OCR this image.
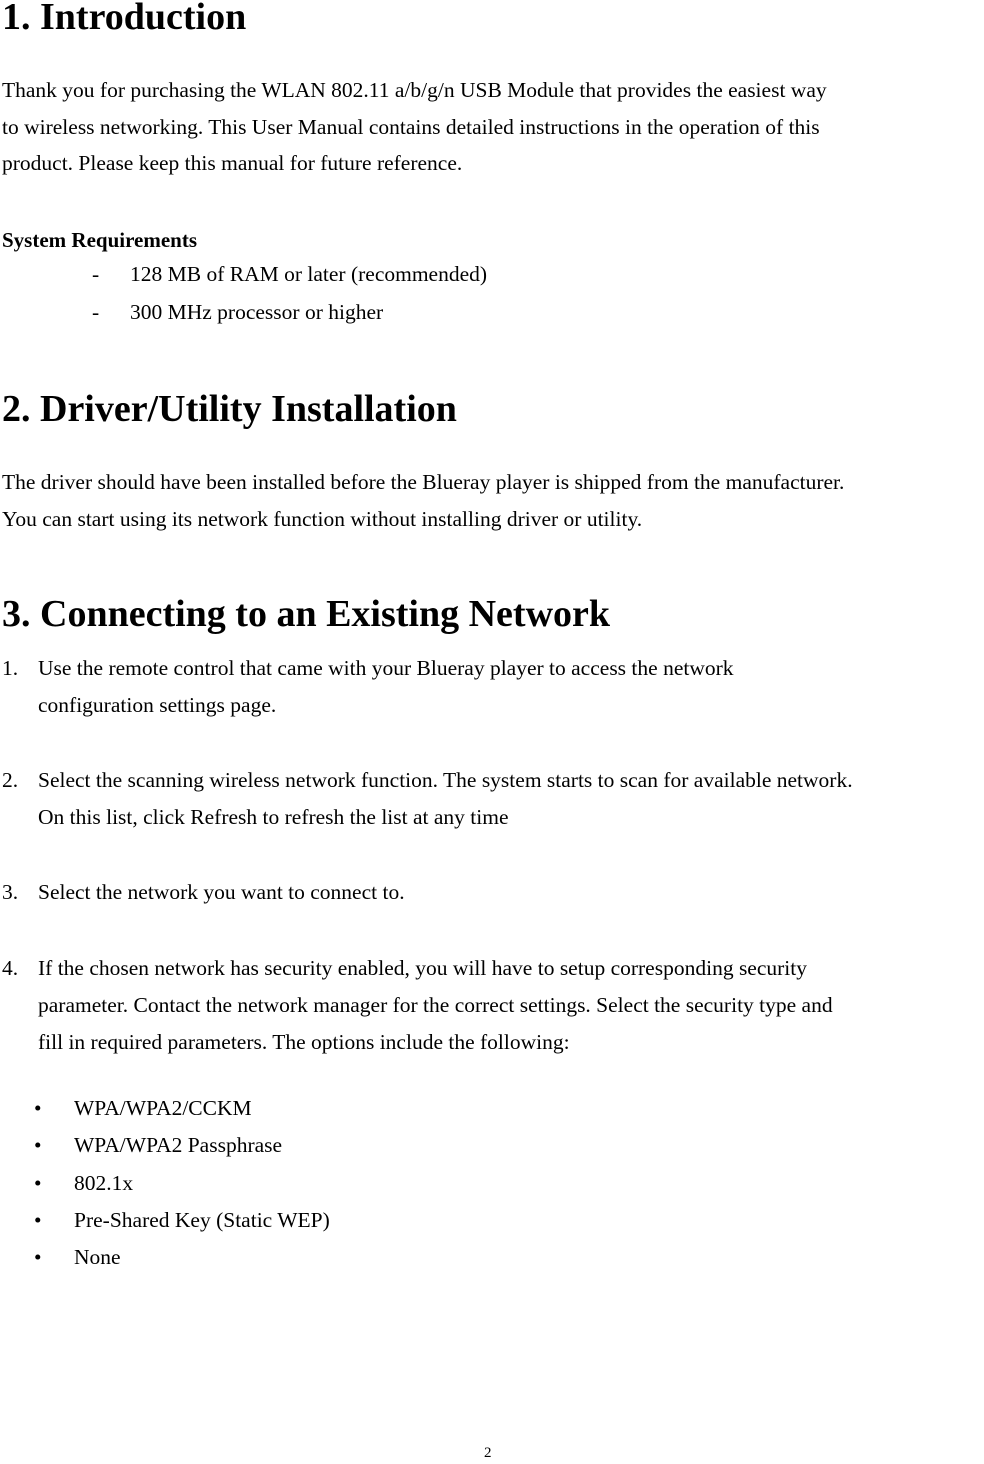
1. Introduction
Thank you for purchasing the WLAN 802.11 a/b/g/n USB Module that provides the easiest way
to wireless networking. This User Manual contains detailed instructions in the operation of this
product. Please keep this manual for future reference.
System Requirements
- 128 MB of RAM or later (recommended)
- 300 MHz processor or higher
2. Driver/Utility Installation
The driver should have been installed before the Blueray player is shipped from the manufacturer.
You can start using its network function without installing driver or utility.
3. Connecting to an Existing Network
1. Use the remote control that came with your Blueray player to access the network
configuration settings page.
2. Select the scanning wireless network function. The system starts to scan for available network.
On this list, click Refresh to refresh the list at any time
3. Select the network you want to connect to.
4. If the chosen network has security enabled, you will have to setup corresponding security
parameter. Contact the network manager for the correct settings. Select the security type and
fill in required parameters. The options include the following:
• WPA/WPA2/CCKM
• WPA/WPA2 Passphrase
• 802.1x
• Pre-Shared Key (Static WEP)
• None
2
